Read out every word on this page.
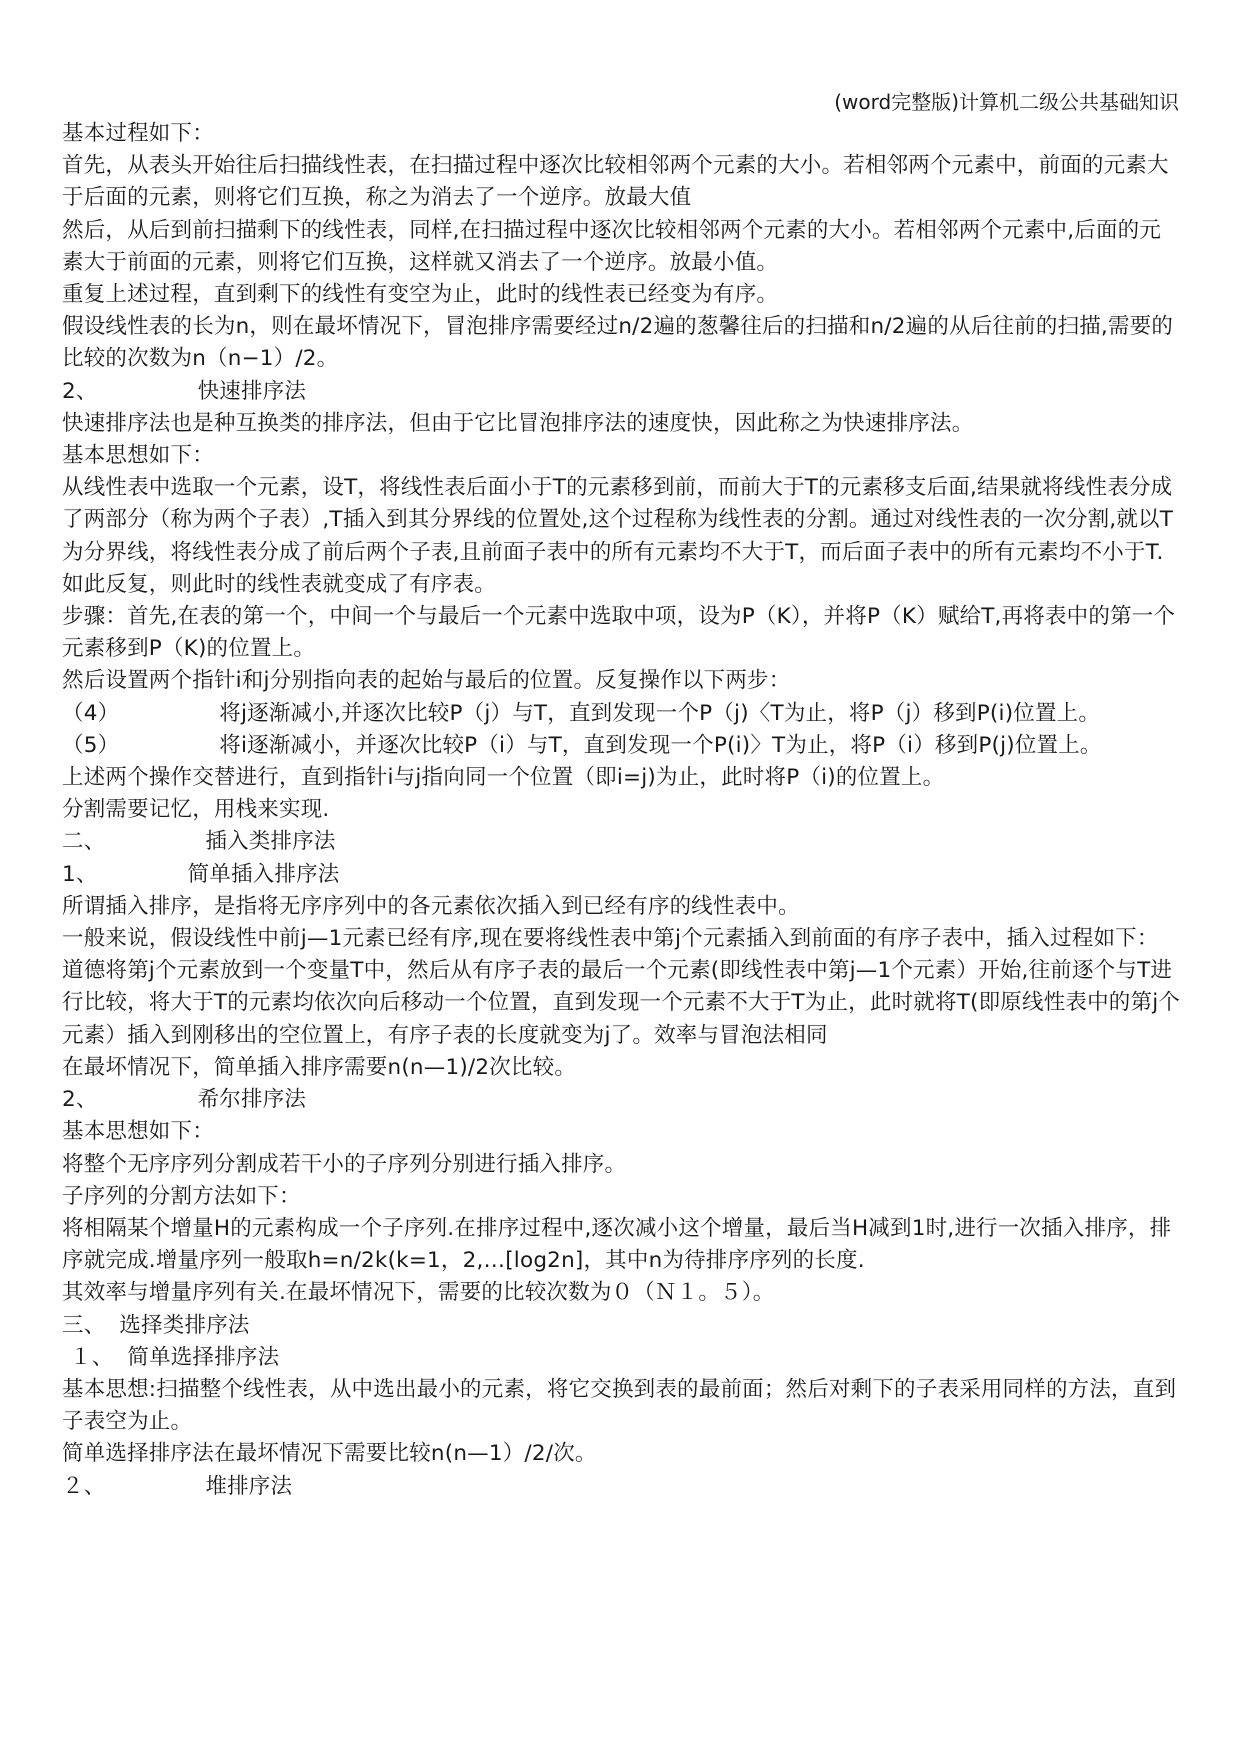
(word完整版)计算机二级公共基础知识

基本过程如下：

首先，从表头开始往后扫描线性表，在扫描过程中逐次比较相邻两个元素的大小。若相邻两个元素中，前面的元素大于后面的元素，则将它们互换，称之为消去了一个逆序。放最大值

然后，从后到前扫描剩下的线性表，同样,在扫描过程中逐次比较相邻两个元素的大小。若相邻两个元素中,后面的元素大于前面的元素，则将它们互换，这样就又消去了一个逆序。放最小值。

重复上述过程，直到剩下的线性有变空为止，此时的线性表已经变为有序。

假设线性表的长为n，则在最坏情况下，冒泡排序需要经过n/2遍的葱馨往后的扫描和n/2遍的从后往前的扫描,需要的比较的次数为n（n−1）/2。

2、	快速排序法

快速排序法也是种互换类的排序法，但由于它比冒泡排序法的速度快，因此称之为快速排序法。

基本思想如下：

从线性表中选取一个元素，设T，将线性表后面小于T的元素移到前，而前大于T的元素移支后面,结果就将线性表分成了两部分（称为两个子表）,T插入到其分界线的位置处,这个过程称为线性表的分割。通过对线性表的一次分割,就以T为分界线，将线性表分成了前后两个子表,且前面子表中的所有元素均不大于T，而后面子表中的所有元素均不小于T.

如此反复，则此时的线性表就变成了有序表。

步骤：首先,在表的第一个，中间一个与最后一个元素中选取中项，设为P（K），并将P（K）赋给T,再将表中的第一个元素移到P（K)的位置上。

然后设置两个指针i和j分别指向表的起始与最后的位置。反复操作以下两步：

（4）	将j逐渐减小,并逐次比较P（j）与T，直到发现一个P（j)〈T为止，将P（j）移到P(i)位置上。

（5）	将i逐渐减小，并逐次比较P（i）与T，直到发现一个P(i)〉T为止，将P（i）移到P(j)位置上。

上述两个操作交替进行，直到指针i与j指向同一个位置（即i=j)为止，此时将P（i)的位置上。

分割需要记忆，用栈来实现.

二、	插入类排序法

1、	简单插入排序法

所谓插入排序，是指将无序序列中的各元素依次插入到已经有序的线性表中。

一般来说，假设线性中前j—1元素已经有序,现在要将线性表中第j个元素插入到前面的有序子表中，插入过程如下：

道德将第j个元素放到一个变量T中，然后从有序子表的最后一个元素(即线性表中第j—1个元素）开始,往前逐个与T进行比较，将大于T的元素均依次向后移动一个位置，直到发现一个元素不大于T为止，此时就将T(即原线性表中的第j个元素）插入到刚移出的空位置上，有序子表的长度就变为j了。效率与冒泡法相同

在最坏情况下，简单插入排序需要n(n—1)/2次比较。

2、	希尔排序法

基本思想如下：

将整个无序序列分割成若干小的子序列分别进行插入排序。

子序列的分割方法如下：

将相隔某个增量H的元素构成一个子序列.在排序过程中,逐次减小这个增量，最后当H减到1时,进行一次插入排序，排序就完成.增量序列一般取h=n/2k(k=1，2,…[log2n]，其中n为待排序序列的长度.

其效率与增量序列有关.在最坏情况下，需要的比较次数为０（Ｎ１。５）。

三、 选择类排序法

１、 简单选择排序法

基本思想:扫描整个线性表，从中选出最小的元素，将它交换到表的最前面；然后对剩下的子表采用同样的方法，直到子表空为止。

简单选择排序法在最坏情况下需要比较n(n—1）/2/次。

２、	堆排序法
